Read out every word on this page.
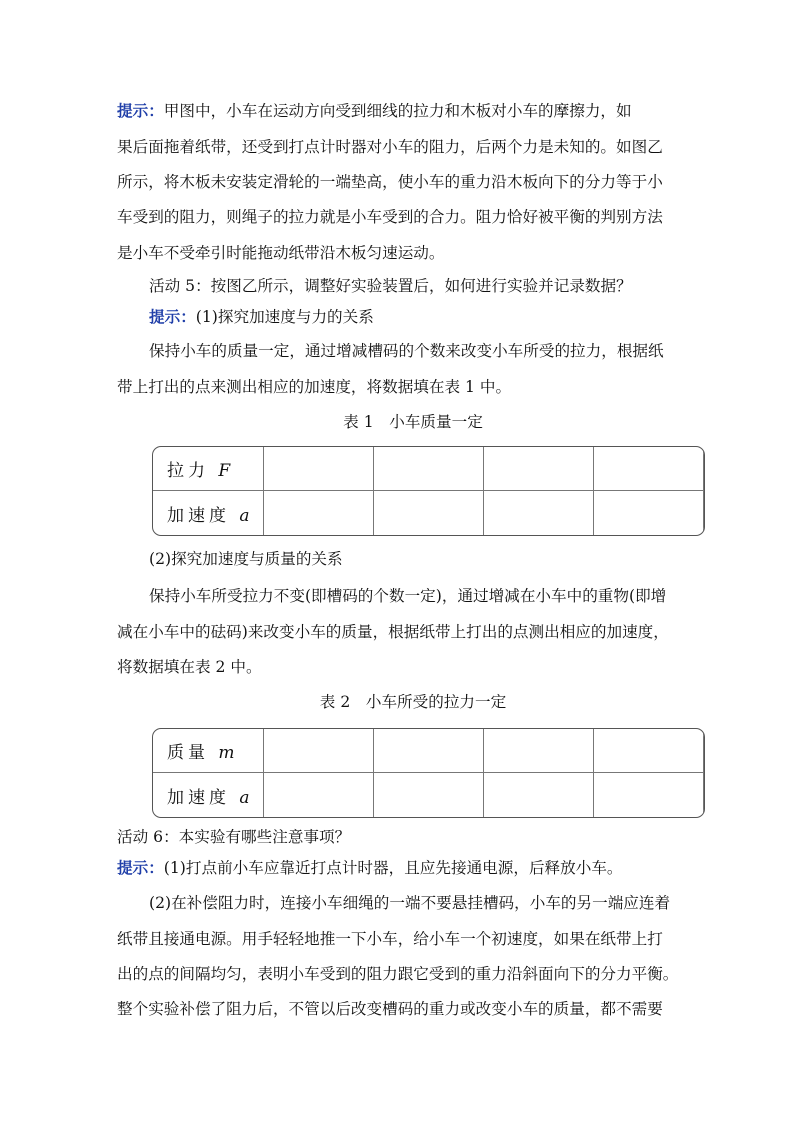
提示：甲图中，小车在运动方向受到细线的拉力和木板对小车的摩擦力，如
果后面拖着纸带，还受到打点计时器对小车的阻力，后两个力是未知的。如图乙
所示，将木板未安装定滑轮的一端垫高，使小车的重力沿木板向下的分力等于小
车受到的阻力，则绳子的拉力就是小车受到的合力。阻力恰好被平衡的判别方法
是小车不受牵引时能拖动纸带沿木板匀速运动。
活动 5：按图乙所示，调整好实验装置后，如何进行实验并记录数据？
提示：(1)探究加速度与力的关系
保持小车的质量一定，通过增减槽码的个数来改变小车所受的拉力，根据纸
带上打出的点来测出相应的加速度，将数据填在表 1 中。
表 1　小车质量一定
拉力 F					
加速度 a					
(2)探究加速度与质量的关系
保持小车所受拉力不变(即槽码的个数一定)，通过增减在小车中的重物(即增
减在小车中的砝码)来改变小车的质量，根据纸带上打出的点测出相应的加速度，
将数据填在表 2 中。
表 2　小车所受的拉力一定
质量 m					
加速度 a					
活动 6：本实验有哪些注意事项？
提示：(1)打点前小车应靠近打点计时器，且应先接通电源，后释放小车。
(2)在补偿阻力时，连接小车细绳的一端不要悬挂槽码，小车的另一端应连着
纸带且接通电源。用手轻轻地推一下小车，给小车一个初速度，如果在纸带上打
出的点的间隔均匀，表明小车受到的阻力跟它受到的重力沿斜面向下的分力平衡。
整个实验补偿了阻力后，不管以后改变槽码的重力或改变小车的质量，都不需要
